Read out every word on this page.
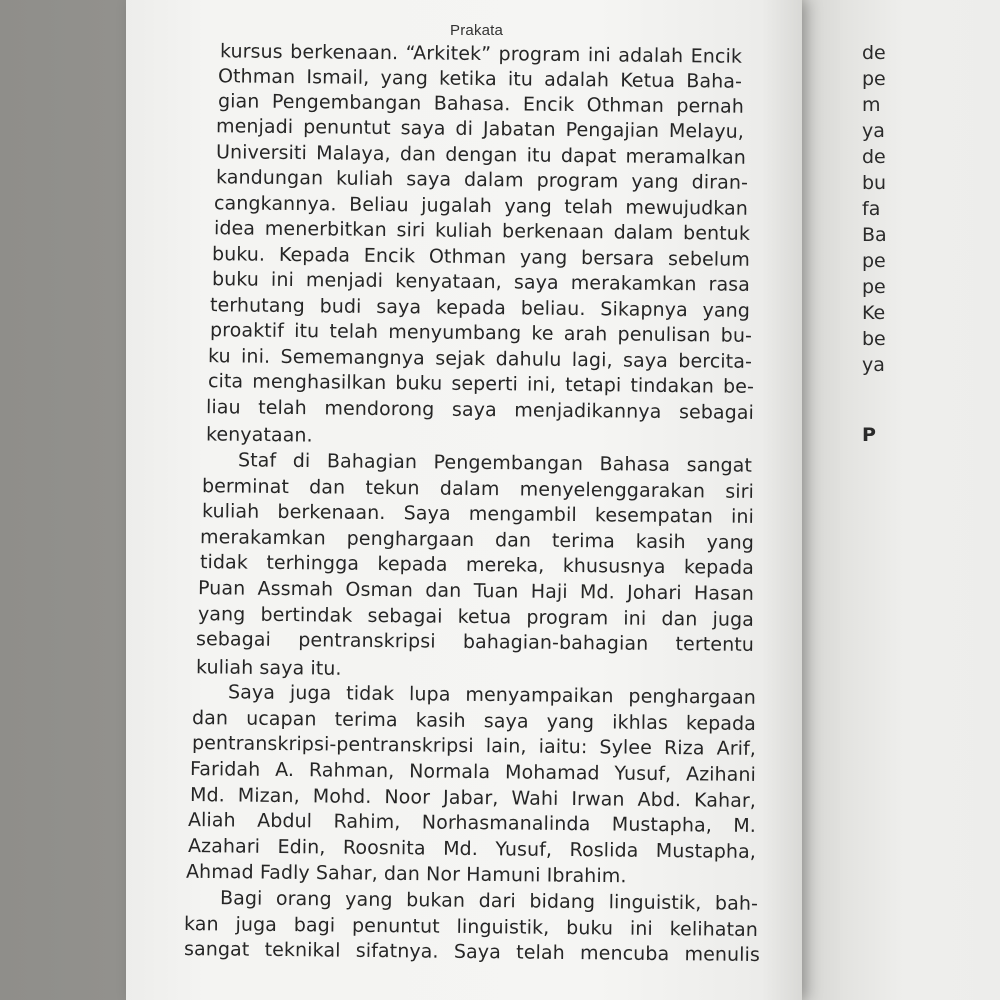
Prakata
kursus berkenaan. “Arkitek” program ini adalah Encik
Othman Ismail, yang ketika itu adalah Ketua Baha-
gian Pengembangan Bahasa. Encik Othman pernah
menjadi penuntut saya di Jabatan Pengajian Melayu,
Universiti Malaya, dan dengan itu dapat meramalkan
kandungan kuliah saya dalam program yang diran-
cangkannya. Beliau jugalah yang telah mewujudkan
idea menerbitkan siri kuliah berkenaan dalam bentuk
buku. Kepada Encik Othman yang bersara sebelum
buku ini menjadi kenyataan, saya merakamkan rasa
terhutang budi saya kepada beliau. Sikapnya yang
proaktif itu telah menyumbang ke arah penulisan bu-
ku ini. Sememangnya sejak dahulu lagi, saya bercita-
cita menghasilkan buku seperti ini, tetapi tindakan be-
liau telah mendorong saya menjadikannya sebagai
kenyataan.
Staf di Bahagian Pengembangan Bahasa sangat
berminat dan tekun dalam menyelenggarakan siri
kuliah berkenaan. Saya mengambil kesempatan ini
merakamkan penghargaan dan terima kasih yang
tidak terhingga kepada mereka, khususnya kepada
Puan Assmah Osman dan Tuan Haji Md. Johari Hasan
yang bertindak sebagai ketua program ini dan juga
sebagai pentranskripsi bahagian-bahagian tertentu
kuliah saya itu.
Saya juga tidak lupa menyampaikan penghargaan
dan ucapan terima kasih saya yang ikhlas kepada
pentranskripsi-pentranskripsi lain, iaitu: Sylee Riza Arif,
Faridah A. Rahman, Normala Mohamad Yusuf, Azihani
Md. Mizan, Mohd. Noor Jabar, Wahi Irwan Abd. Kahar,
Aliah Abdul Rahim, Norhasmanalinda Mustapha, M.
Azahari Edin, Roosnita Md. Yusuf, Roslida Mustapha,
Ahmad Fadly Sahar, dan Nor Hamuni Ibrahim.
Bagi orang yang bukan dari bidang linguistik, bah-
kan juga bagi penuntut linguistik, buku ini kelihatan
sangat teknikal sifatnya. Saya telah mencuba menulis
de
pe
m
ya
de
bu
fa
Ba
pe
pe
Ke
be
ya
P
